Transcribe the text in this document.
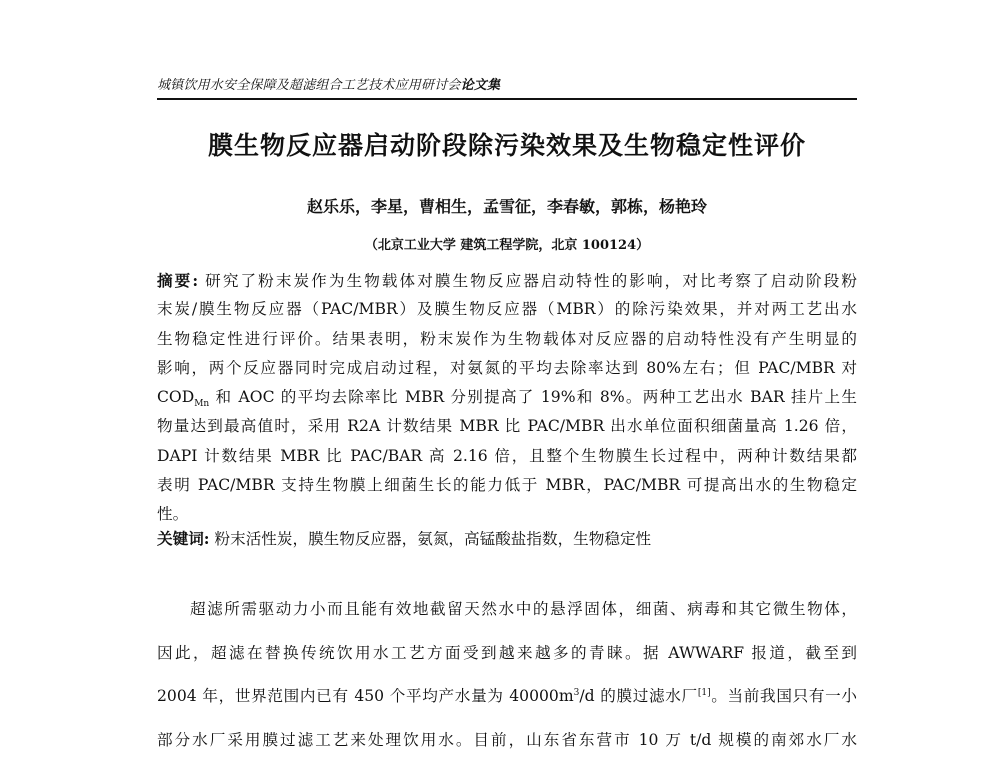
城镇饮用水安全保障及超滤组合工艺技术应用研讨会论文集
膜生物反应器启动阶段除污染效果及生物稳定性评价
赵乐乐，李星，曹相生，孟雪征，李春敏，郭栋，杨艳玲
（北京工业大学 建筑工程学院，北京 100124）
摘要: 研究了粉末炭作为生物载体对膜生物反应器启动特性的影响，对比考察了启动阶段粉
末炭/膜生物反应器（PAC/MBR）及膜生物反应器（MBR）的除污染效果，并对两工艺出水
生物稳定性进行评价。结果表明，粉末炭作为生物载体对反应器的启动特性没有产生明显的
影响，两个反应器同时完成启动过程，对氨氮的平均去除率达到 80%左右；但 PAC/MBR 对
$COD_{Mn}$ 和 AOC 的平均去除率比 MBR 分别提高了 19%和 8%。两种工艺出水 BAR 挂片上生
物量达到最高值时，采用 R2A 计数结果 MBR 比 PAC/MBR 出水单位面积细菌量高 1.26 倍，
DAPI 计数结果 MBR 比 PAC/BAR 高 2.16 倍，且整个生物膜生长过程中，两种计数结果都
表明 PAC/MBR 支持生物膜上细菌生长的能力低于 MBR，PAC/MBR 可提高出水的生物稳定
性。
关键词: 粉末活性炭，膜生物反应器，氨氮，高锰酸盐指数，生物稳定性
超滤所需驱动力小而且能有效地截留天然水中的悬浮固体，细菌、病毒和其它微生物体，
因此，超滤在替换传统饮用水工艺方面受到越来越多的青睐。据 AWWARF 报道，截至到
2004 年，世界范围内已有 450 个平均产水量为 $40000m^3/d$ 的膜过滤水厂[1]。当前我国只有一小
部分水厂采用膜过滤工艺来处理饮用水。目前，山东省东营市 10 万 t/d 规模的南郊水厂水
